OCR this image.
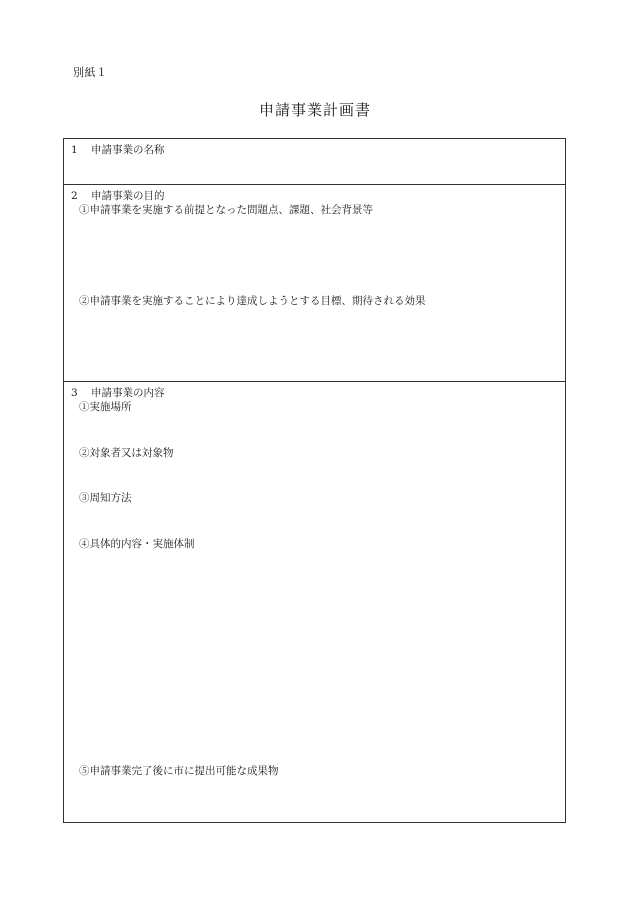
別紙１
申請事業計画書
1 申請事業の名称
2 申請事業の目的
①申請事業を実施する前提となった問題点、課題、社会背景等
②申請事業を実施することにより達成しようとする目標、期待される効果
3 申請事業の内容
①実施場所
②対象者又は対象物
③周知方法
④具体的内容・実施体制
⑤申請事業完了後に市に提出可能な成果物
